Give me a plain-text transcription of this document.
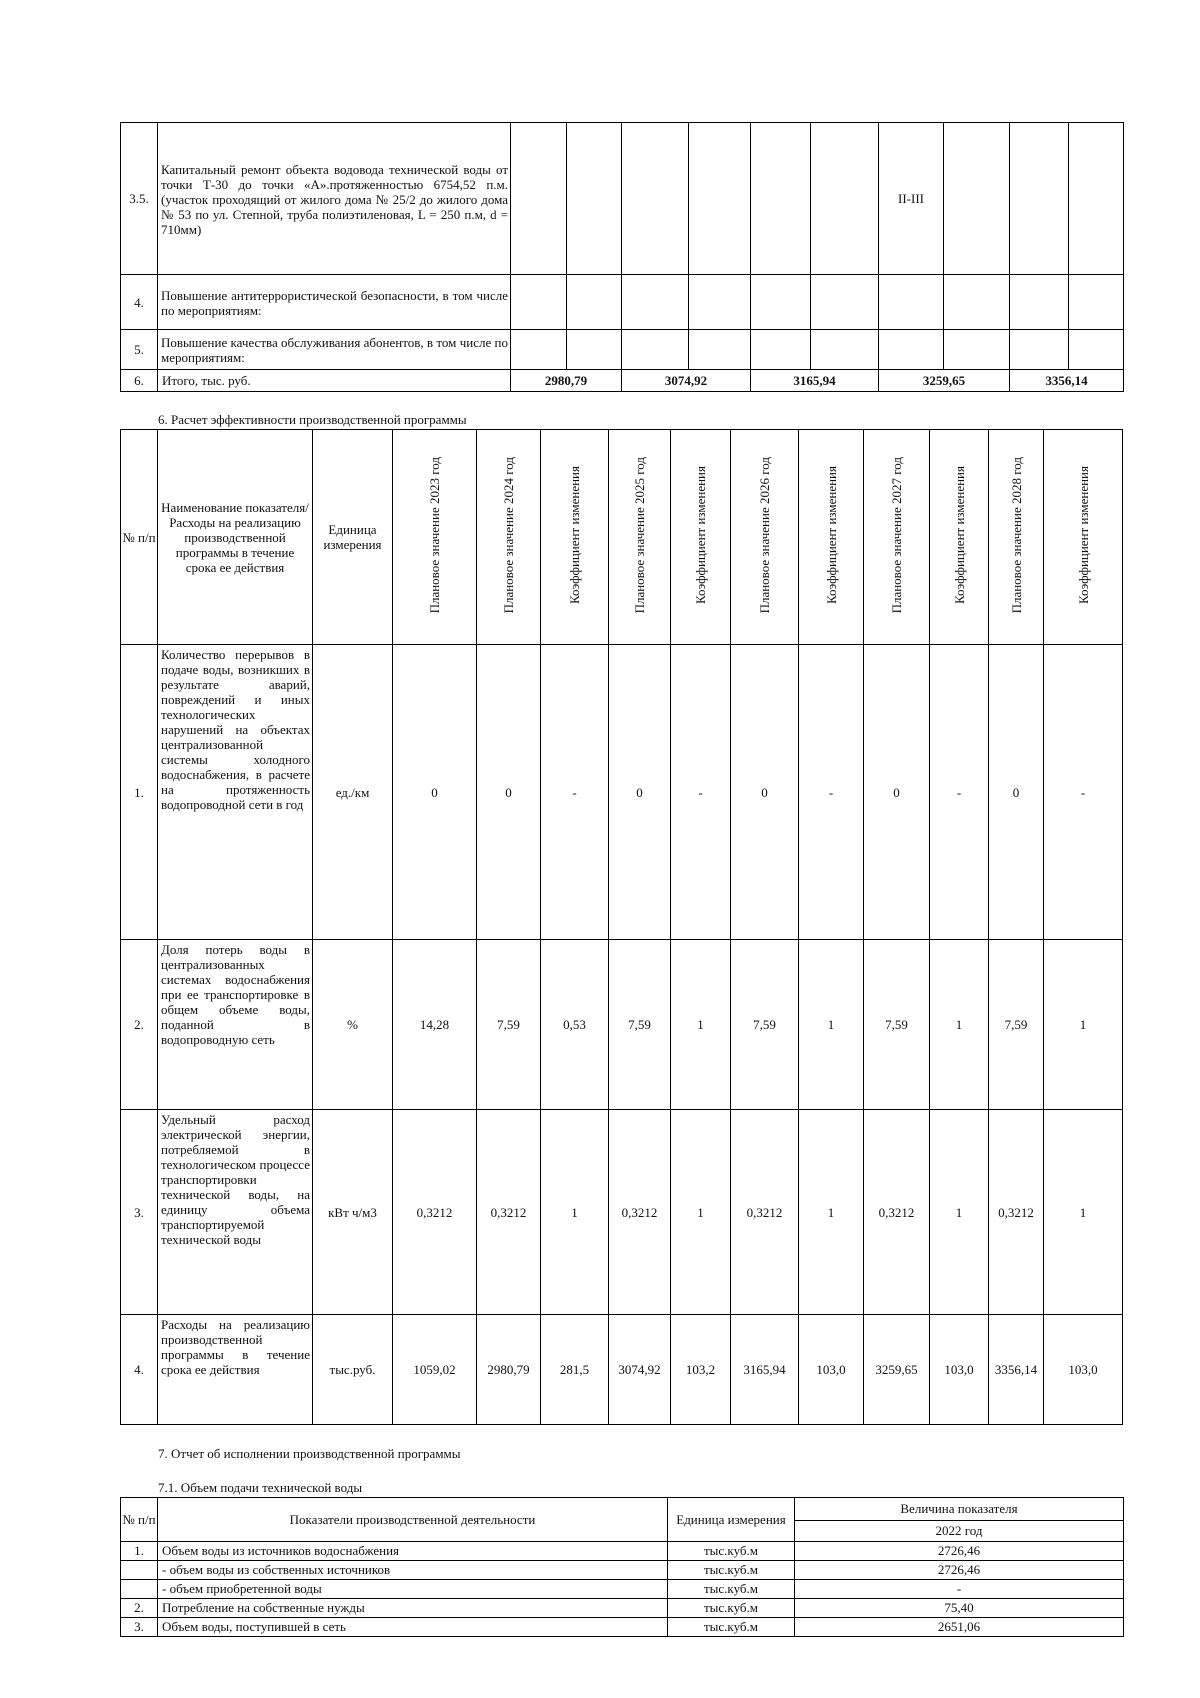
3.5.	Капитальный ремонт объекта водовода технической воды от точки Т-30 до точки «А».протяженностью 6754,52 п.м. (участок проходящий от жилого дома № 25/2 до жилого дома № 53 по ул. Степной, труба полиэтиленовая, L = 250 п.м, d = 710мм)							II-III			
4.	Повышение антитеррористической безопасности, в том числе по мероприятиям:										
5.	Повышение качества обслуживания абонентов, в том числе по мероприятиям:										
6.	Итого, тыс. руб.	2980,79		3074,92		3165,94		3259,65		3356,14	
6. Расчет эффективности производственной программы
№ п/п	Наименование показателя/Расходы на реализацию производственной программы в течение срока ее действия	Единица измерения	Плановое значение 2023 год	Плановое значение 2024 год	Коэффициент изменения	Плановое значение 2025 год	Коэффициент изменения	Плановое значение 2026 год	Коэффициент изменения	Плановое значение 2027 год	Коэффициент изменения	Плановое значение 2028 год	Коэффициент изменения
1.	Количество перерывов в подаче воды, возникших в результате аварий, повреждений и иных технологических нарушений на объектах централизованной системы холодного водоснабжения, в расчете на протяженность водопроводной сети в год	ед./км	0	0	-	0	-	0	-	0	-	0	-
2.	Доля потерь воды в централизованных системах водоснабжения при ее транспортировке в общем объеме воды, поданной в водопроводную сеть	%	14,28	7,59	0,53	7,59	1	7,59	1	7,59	1	7,59	1
3.	Удельный расход электрической энергии, потребляемой в технологическом процессе транспортировки технической воды, на единицу объема транспортируемой технической воды	кВт ч/м3	0,3212	0,3212	1	0,3212	1	0,3212	1	0,3212	1	0,3212	1
4.	Расходы на реализацию производственной программы в течение срока ее действия	тыс.руб.	1059,02	2980,79	281,5	3074,92	103,2	3165,94	103,0	3259,65	103,0	3356,14	103,0
7. Отчет об исполнении производственной программы
7.1. Объем подачи технической воды
№ п/п	Показатели производственной деятельности	Единица измерения	Величина показателя
			2022 год
1.	Объем воды из источников водоснабжения	тыс.куб.м	2726,46
	- объем воды из собственных источников	тыс.куб.м	2726,46
	- объем приобретенной воды	тыс.куб.м	-
2.	Потребление на собственные нужды	тыс.куб.м	75,40
3.	Объем воды, поступившей в сеть	тыс.куб.м	2651,06
